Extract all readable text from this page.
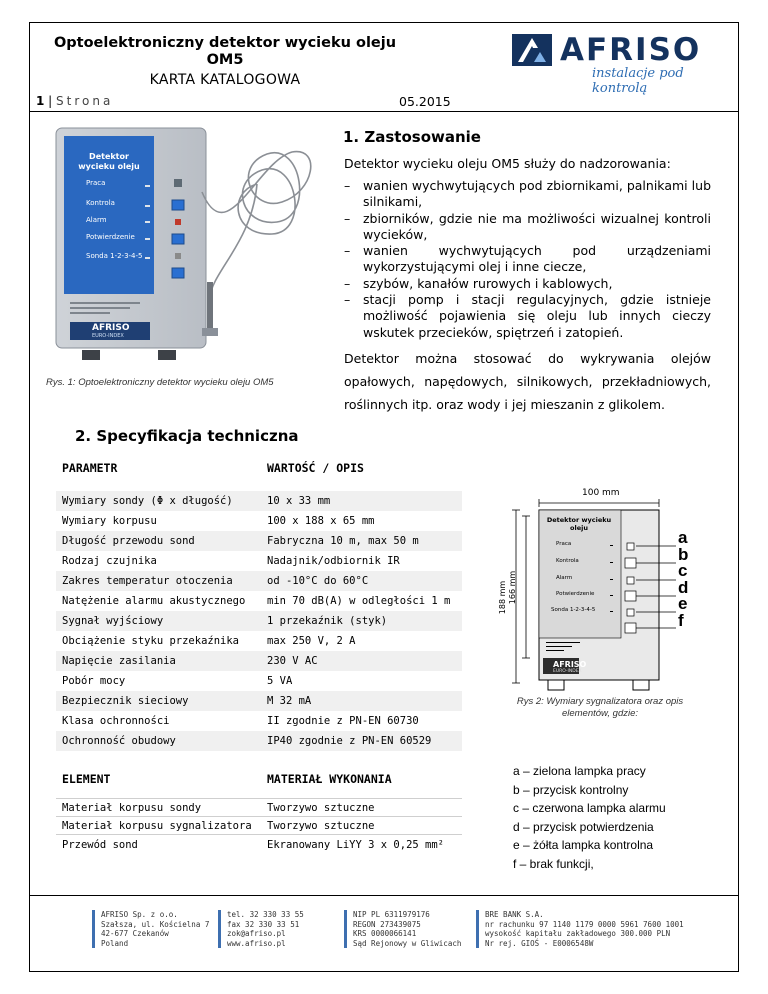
Optoelektroniczny detektor wycieku oleju
OM5
KARTA KATALOGOWA
1 | Strona	05.2015
AFRISO
instalacje pod kontrolą
Detektor wycieku oleju
Praca
Kontrola
Alarm
Potwierdzenie
Sonda 1-2-3-4-5
AFRISO
EURO-INDEX
Rys. 1: Optoelektroniczny detektor wycieku oleju OM5
1. Zastosowanie
Detektor wycieku oleju OM5 służy do nadzorowania:
– wanien wychwytujących pod zbiornikami, palnikami lub silnikami,
– zbiorników, gdzie nie ma możliwości wizualnej kontroli wycieków,
– wanien wychwytujących pod urządzeniami wykorzystującymi olej i inne ciecze,
– szybów, kanałów rurowych i kablowych,
– stacji pomp i stacji regulacyjnych, gdzie istnieje możliwość pojawienia się oleju lub innych cieczy wskutek przecieków, spiętrzeń i zatopień.
Detektor można stosować do wykrywania olejów opałowych, napędowych, silnikowych, przekładniowych, roślinnych itp. oraz wody i jej mieszanin z glikolem.
2. Specyfikacja techniczna
PARAMETR	WARTOŚĆ / OPIS
Wymiary sondy (Φ x długość)	10 x 33 mm
Wymiary korpusu	100 x 188 x 65 mm
Długość przewodu sond	Fabryczna 10 m, max 50 m
Rodzaj czujnika	Nadajnik/odbiornik IR
Zakres temperatur otoczenia	od -10°C do 60°C
Natężenie alarmu akustycznego	min 70 dB(A) w odległości 1 m
Sygnał wyjściowy	1 przekaźnik (styk)
Obciążenie styku przekaźnika	max 250 V, 2 A
Napięcie zasilania	230 V AC
Pobór mocy	5 VA
Bezpiecznik sieciowy	M 32 mA
Klasa ochronności	II zgodnie z PN-EN 60730
Ochronność obudowy	IP40 zgodnie z PN-EN 60529
ELEMENT	MATERIAŁ WYKONANIA
Materiał korpusu sondy	Tworzywo sztuczne
Materiał korpusu sygnalizatora	Tworzywo sztuczne
Przewód sond	Ekranowany LiYY 3 x 0,25 mm²
100 mm
188 mm 166 mm
Detektor wycieku oleju
Praca
Kontrola
Alarm
Potwierdzenie
Sonda 1-2-3-4-5
AFRISO
EURO-INDEX
a
b
c
d
e
f
Rys 2: Wymiary sygnalizatora oraz opis elementów, gdzie:
a – zielona lampka pracy
b – przycisk kontrolny
c – czerwona lampka alarmu
d – przycisk potwierdzenia
e – żółta lampka kontrolna
f – brak funkcji,
AFRISO Sp. z o.o.
Szałsza, ul. Kościelna 7
42-677 Czekanów
Poland
tel. 32 330 33 55
fax 32 330 33 51
zok@afriso.pl
www.afriso.pl
NIP PL 6311979176
REGON 273439075
KRS 0000066141
Sąd Rejonowy w Gliwicach
BRE BANK S.A.
nr rachunku 97 1140 1179 0000 5961 7600 1001
wysokość kapitału zakładowego 300.000 PLN
Nr rej. GIOŚ - E0006548W
